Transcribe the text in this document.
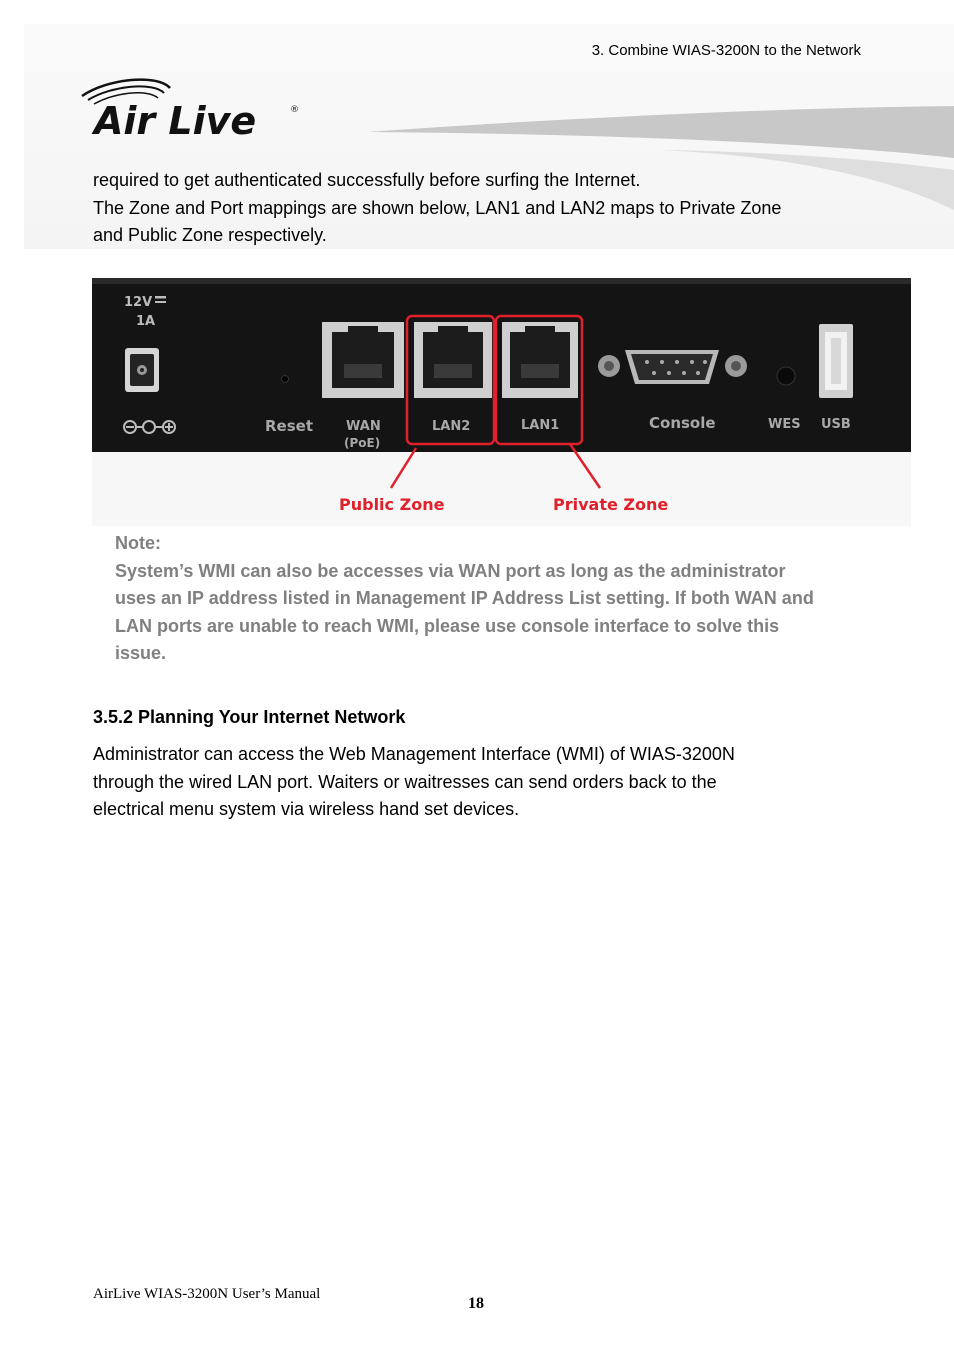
3. Combine WIAS-3200N to the Network
Air Live	®
required to get authenticated successfully before surfing the Internet.
The Zone and Port mappings are shown below, LAN1 and LAN2 maps to Private Zone
and Public Zone respectively.
12V
1A
Reset	WAN
(PoE)
LAN2	LAN1	Console	WES USB
Public Zone	Private Zone
Note:
System’s WMI can also be accesses via WAN port as long as the administrator
uses an IP address listed in Management IP Address List setting. If both WAN and
LAN ports are unable to reach WMI, please use console interface to solve this
issue.
3.5.2 Planning Your Internet Network
Administrator can access the Web Management Interface (WMI) of WIAS-3200N
through the wired LAN port. Waiters or waitresses can send orders back to the
electrical menu system via wireless hand set devices.
AirLive WIAS-3200N User’s Manual
18
